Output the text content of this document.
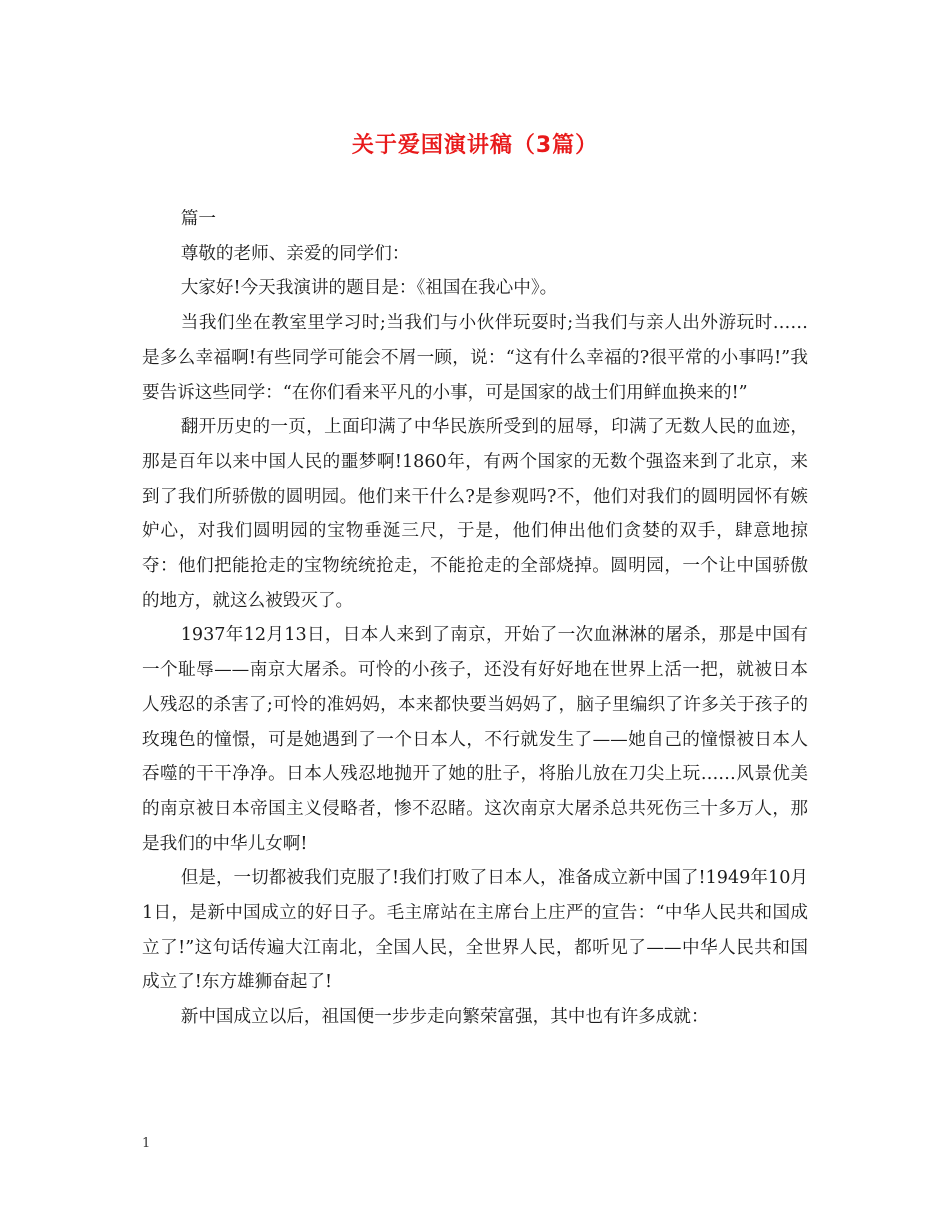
关于爱国演讲稿（3篇）

篇一

尊敬的老师、亲爱的同学们：

大家好!今天我演讲的题目是：《祖国在我心中》。

当我们坐在教室里学习时;当我们与小伙伴玩耍时;当我们与亲人出外游玩时……是多么幸福啊!有些同学可能会不屑一顾，说：“这有什么幸福的?很平常的小事吗!”我要告诉这些同学：“在你们看来平凡的小事，可是国家的战士们用鲜血换来的!”

翻开历史的一页，上面印满了中华民族所受到的屈辱，印满了无数人民的血迹，那是百年以来中国人民的噩梦啊!1860年，有两个国家的无数个强盗来到了北京，来到了我们所骄傲的圆明园。他们来干什么?是参观吗?不，他们对我们的圆明园怀有嫉妒心，对我们圆明园的宝物垂涎三尺，于是，他们伸出他们贪婪的双手，肆意地掠夺：他们把能抢走的宝物统统抢走，不能抢走的全部烧掉。圆明园，一个让中国骄傲的地方，就这么被毁灭了。

1937年12月13日，日本人来到了南京，开始了一次血淋淋的屠杀，那是中国有一个耻辱——南京大屠杀。可怜的小孩子，还没有好好地在世界上活一把，就被日本人残忍的杀害了;可怜的准妈妈，本来都快要当妈妈了，脑子里编织了许多关于孩子的玫瑰色的憧憬，可是她遇到了一个日本人，不行就发生了——她自己的憧憬被日本人吞噬的干干净净。日本人残忍地抛开了她的肚子，将胎儿放在刀尖上玩……风景优美的南京被日本帝国主义侵略者，惨不忍睹。这次南京大屠杀总共死伤三十多万人，那是我们的中华儿女啊!

但是，一切都被我们克服了!我们打败了日本人，准备成立新中国了!1949年10月1日，是新中国成立的好日子。毛主席站在主席台上庄严的宣告：“中华人民共和国成立了!”这句话传遍大江南北，全国人民，全世界人民，都听见了——中华人民共和国成立了!东方雄狮奋起了!

新中国成立以后，祖国便一步步走向繁荣富强，其中也有许多成就：

1
